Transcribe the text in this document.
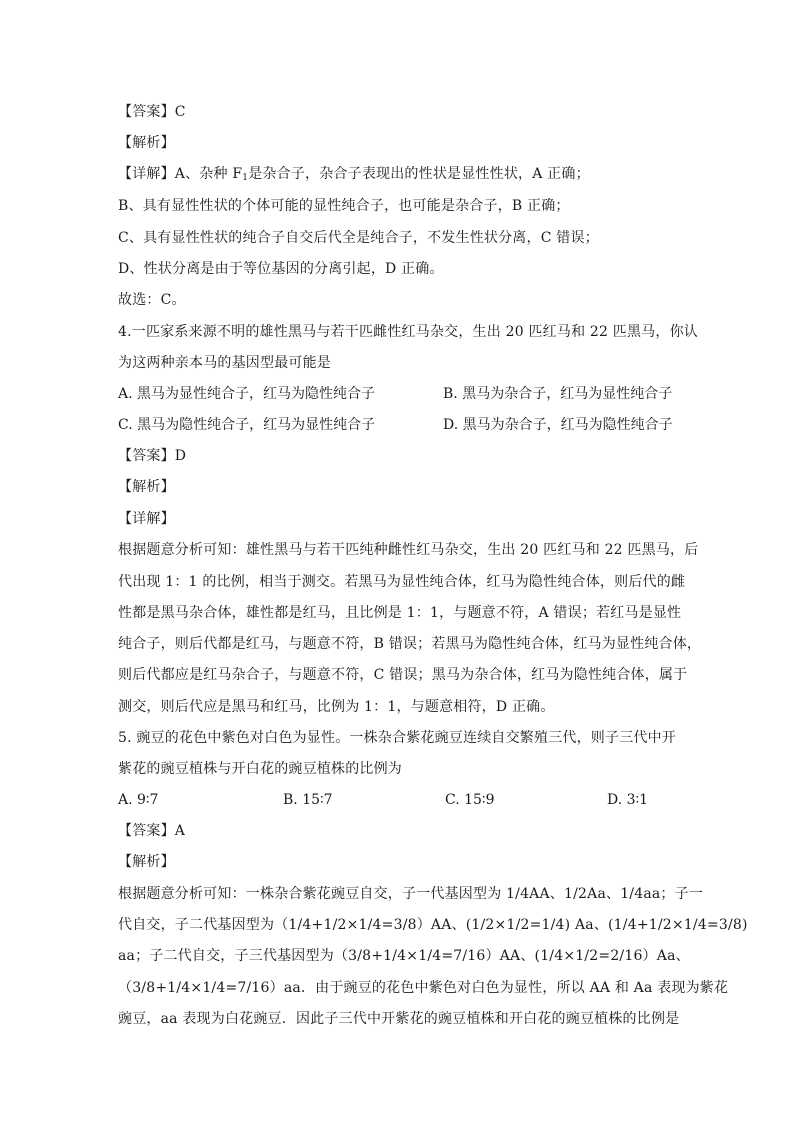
【答案】C
【解析】
【详解】A、杂种 $F_1$是杂合子，杂合子表现出的性状是显性性状，A 正确；
B、具有显性性状的个体可能的显性纯合子，也可能是杂合子，B 正确；
C、具有显性性状的纯合子自交后代全是纯合子，不发生性状分离，C 错误；
D、性状分离是由于等位基因的分离引起，D 正确。
故选：C。
4.一匹家系来源不明的雄性黑马与若干匹雌性红马杂交，生出 20 匹红马和 22 匹黑马，你认
为这两种亲本马的基因型最可能是
A. 黑马为显性纯合子，红马为隐性纯合子	B. 黑马为杂合子，红马为显性纯合子
C. 黑马为隐性纯合子，红马为显性纯合子	D. 黑马为杂合子，红马为隐性纯合子
【答案】D
【解析】
【详解】
根据题意分析可知：雄性黑马与若干匹纯种雌性红马杂交，生出 20 匹红马和 22 匹黑马，后
代出现 1：1 的比例，相当于测交。若黑马为显性纯合体，红马为隐性纯合体，则后代的雌
性都是黑马杂合体，雄性都是红马，且比例是 1：1，与题意不符，A 错误；若红马是显性
纯合子，则后代都是红马，与题意不符，B 错误；若黑马为隐性纯合体，红马为显性纯合体，
则后代都应是红马杂合子，与题意不符，C 错误；黑马为杂合体，红马为隐性纯合体，属于
测交，则后代应是黑马和红马，比例为 1：1，与题意相符，D 正确。
5. 豌豆的花色中紫色对白色为显性。一株杂合紫花豌豆连续自交繁殖三代，则子三代中开
紫花的豌豆植株与开白花的豌豆植株的比例为
A. 9∶7	B. 15∶7	C. 15∶9	D. 3∶1
【答案】A
【解析】
根据题意分析可知：一株杂合紫花豌豆自交，子一代基因型为 1/4AA、1/2Aa、1/4aa；子一
代自交，子二代基因型为（1/4+1/2×1/4=3/8）AA、(1/2×1/2=1/4) Aa、(1/4+1/2×1/4=3/8)
aa；子二代自交，子三代基因型为（3/8+1/4×1/4=7/16）AA、(1/4×1/2=2/16）Aa、
（3/8+1/4×1/4=7/16）aa．由于豌豆的花色中紫色对白色为显性，所以 AA 和 Aa 表现为紫花
豌豆，aa 表现为白花豌豆．因此子三代中开紫花的豌豆植株和开白花的豌豆植株的比例是
